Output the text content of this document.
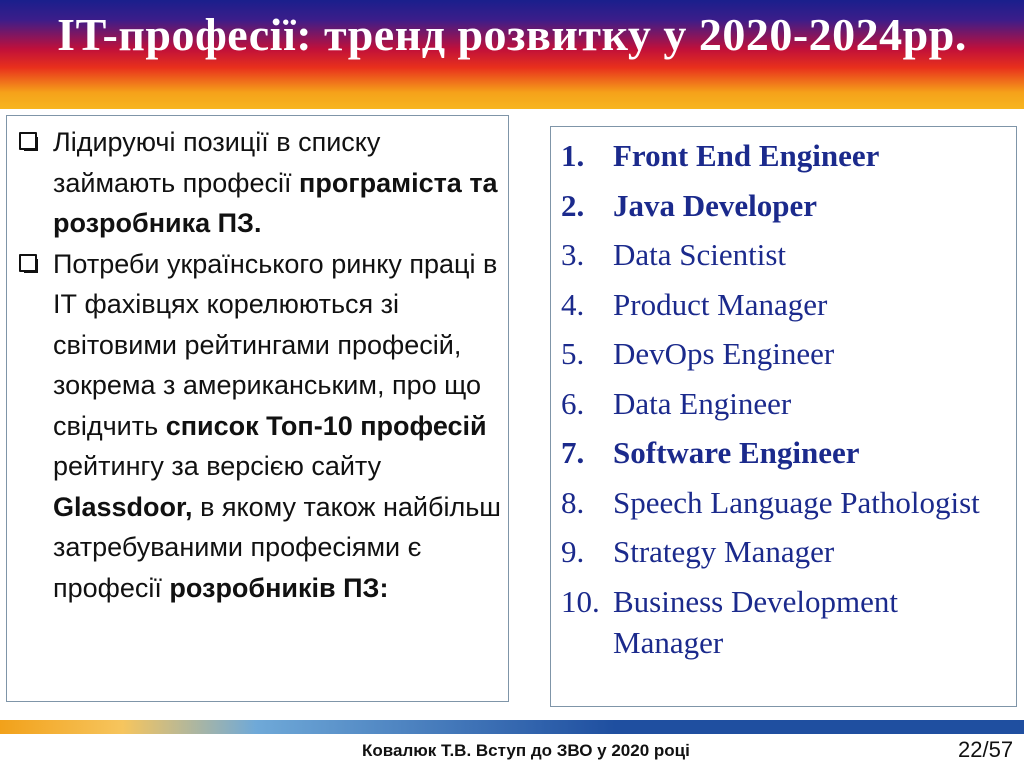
IT-професії: тренд розвитку у 2020-2024рр.
Лідируючі позиції в списку займають професії програміста та розробника ПЗ.
Потреби українського ринку праці в ІТ фахівцях корелюються зі світовими рейтингами професій, зокрема з американським, про що свідчить список Топ-10 професій рейтингу за версією сайту Glassdoor, в якому також найбільш затребуваними професіями є професії розробників ПЗ:
1. Front End Engineer
2. Java Developer
3. Data Scientist
4. Product Manager
5. DevOps Engineer
6. Data Engineer
7. Software Engineer
8. Speech Language Pathologist
9. Strategy Manager
10. Business Development Manager
Ковалюк Т.В. Вступ до ЗВО у 2020 році	22/57
